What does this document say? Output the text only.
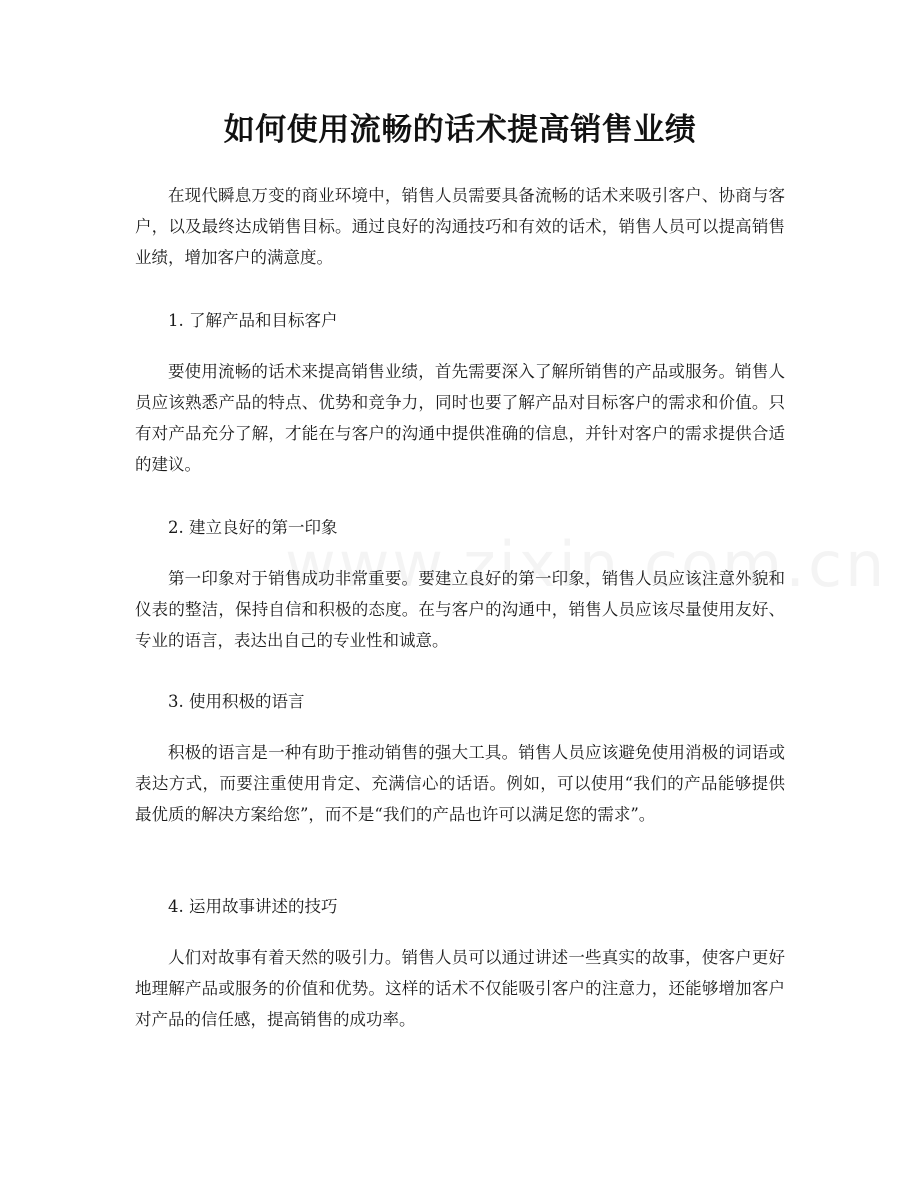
如何使用流畅的话术提高销售业绩
在现代瞬息万变的商业环境中，销售人员需要具备流畅的话术来吸引客户、协商与客户，以及最终达成销售目标。通过良好的沟通技巧和有效的话术，销售人员可以提高销售业绩，增加客户的满意度。
1. 了解产品和目标客户
要使用流畅的话术来提高销售业绩，首先需要深入了解所销售的产品或服务。销售人员应该熟悉产品的特点、优势和竞争力，同时也要了解产品对目标客户的需求和价值。只有对产品充分了解，才能在与客户的沟通中提供准确的信息，并针对客户的需求提供合适的建议。
2. 建立良好的第一印象
第一印象对于销售成功非常重要。要建立良好的第一印象，销售人员应该注意外貌和仪表的整洁，保持自信和积极的态度。在与客户的沟通中，销售人员应该尽量使用友好、专业的语言，表达出自己的专业性和诚意。
3. 使用积极的语言
积极的语言是一种有助于推动销售的强大工具。销售人员应该避免使用消极的词语或表达方式，而要注重使用肯定、充满信心的话语。例如，可以使用“我们的产品能够提供最优质的解决方案给您”，而不是“我们的产品也许可以满足您的需求”。
4. 运用故事讲述的技巧
人们对故事有着天然的吸引力。销售人员可以通过讲述一些真实的故事，使客户更好地理解产品或服务的价值和优势。这样的话术不仅能吸引客户的注意力，还能够增加客户对产品的信任感，提高销售的成功率。
